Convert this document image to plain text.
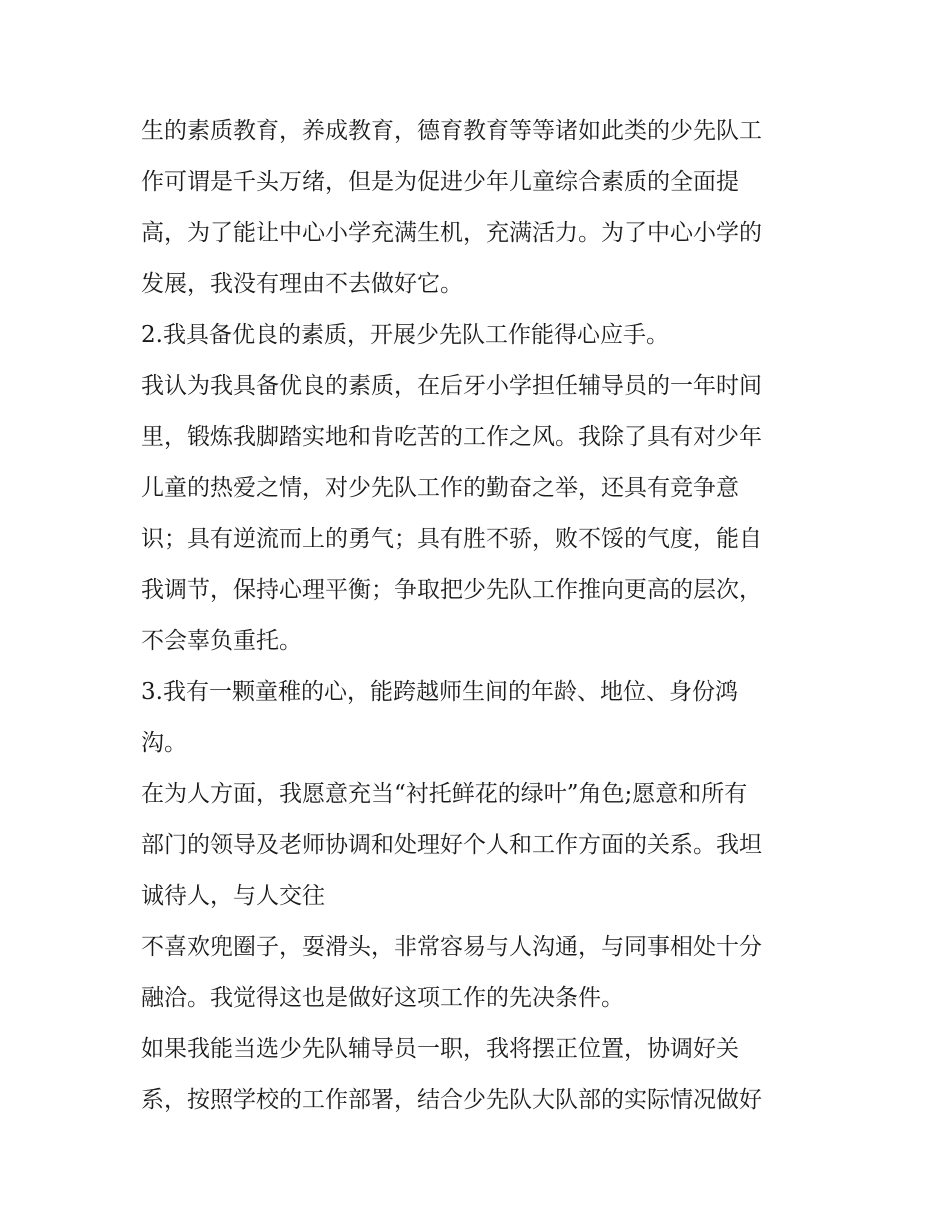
生的素质教育，养成教育，德育教育等等诸如此类的少先队工
作可谓是千头万绪，但是为促进少年儿童综合素质的全面提
高，为了能让中心小学充满生机，充满活力。为了中心小学的
发展，我没有理由不去做好它。
2.我具备优良的素质，开展少先队工作能得心应手。
我认为我具备优良的素质，在后牙小学担任辅导员的一年时间
里，锻炼我脚踏实地和肯吃苦的工作之风。我除了具有对少年
儿童的热爱之情，对少先队工作的勤奋之举，还具有竞争意
识；具有逆流而上的勇气；具有胜不骄，败不馁的气度，能自
我调节，保持心理平衡；争取把少先队工作推向更高的层次，
不会辜负重托。
3.我有一颗童稚的心，能跨越师生间的年龄、地位、身份鸿
沟。
在为人方面，我愿意充当“衬托鲜花的绿叶”角色;愿意和所有
部门的领导及老师协调和处理好个人和工作方面的关系。我坦
诚待人，与人交往
不喜欢兜圈子，耍滑头，非常容易与人沟通，与同事相处十分
融洽。我觉得这也是做好这项工作的先决条件。
如果我能当选少先队辅导员一职，我将摆正位置，协调好关
系，按照学校的工作部署，结合少先队大队部的实际情况做好
